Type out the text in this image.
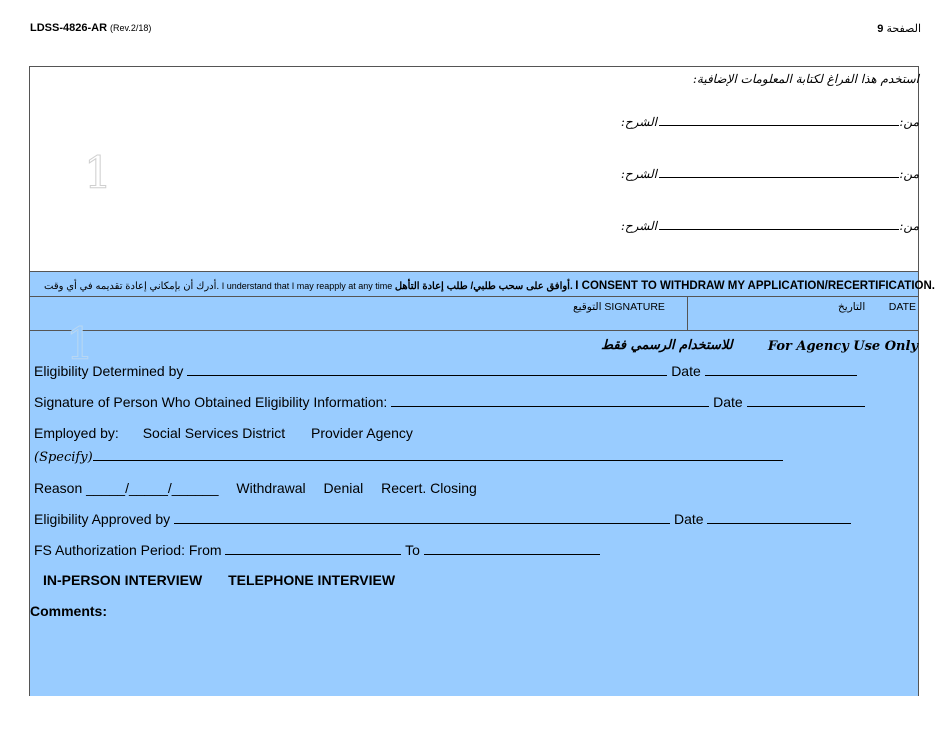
LDSS-4826-AR (Rev.2/18)	الصفحة 9
استخدم هذا الفراغ لكتابة المعلومات الإضافية:
1
من:
الشرح:
من:
الشرح:
من:
الشرح:
أدرك أن بإمكاني إعادة تقديمه في أي وقت. I understand that I may reapply at any time أوافق على سحب طلبي/ طلب إعادة التأهل. I CONSENT TO WITHDRAW MY APPLICATION/RECERTIFICATION.
التوقيع SIGNATURE	التاريخ DATE
1	للاستخدام الرسمي فقط	For Agency Use Only
Eligibility Determined by	Date
Signature of Person Who Obtained Eligibility Information:	Date
Employed by: Social Services District Provider Agency
(Specify)
Reason _____/_____/______ Withdrawal Denial Recert. Closing
Eligibility Approved by	Date
FS Authorization Period: From	To
IN-PERSON INTERVIEW TELEPHONE INTERVIEW
Comments:
